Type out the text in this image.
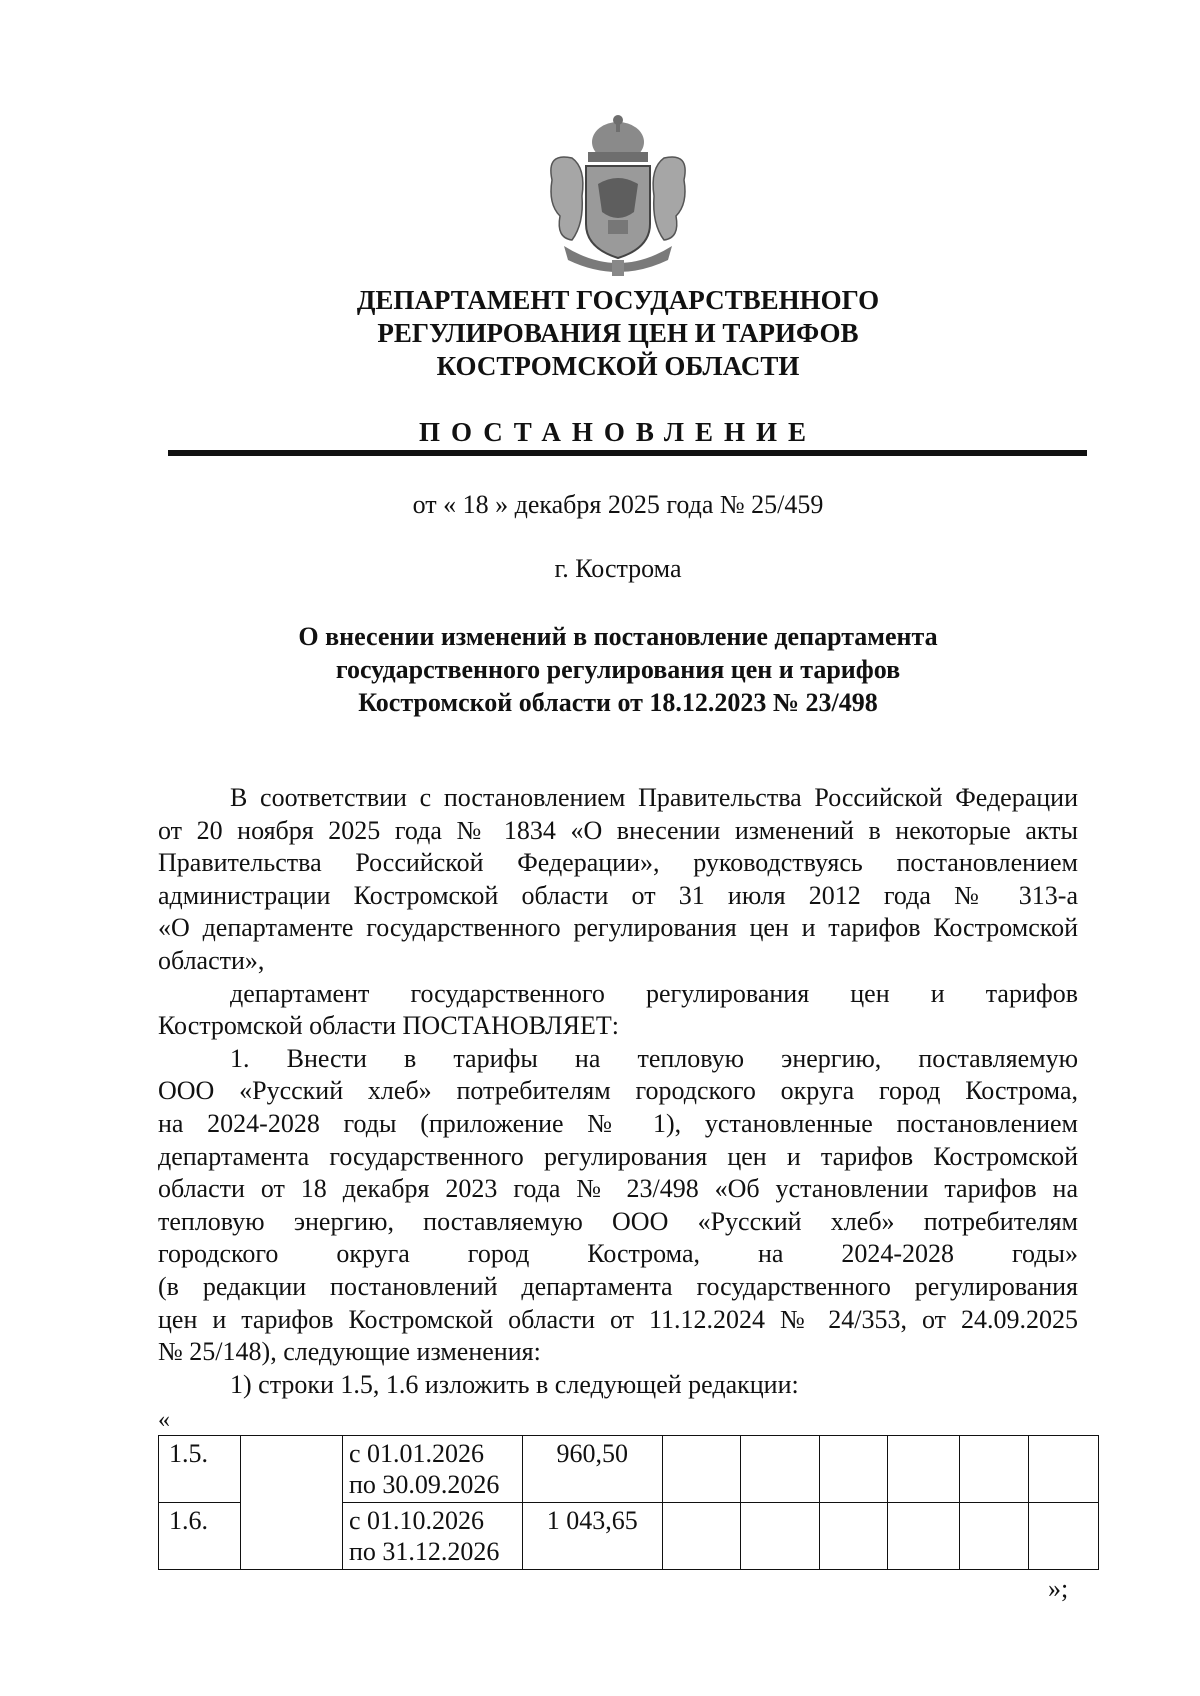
ДЕПАРТАМЕНТ ГОСУДАРСТВЕННОГО
РЕГУЛИРОВАНИЯ ЦЕН И ТАРИФОВ
КОСТРОМСКОЙ ОБЛАСТИ
ПОСТАНОВЛЕНИЕ
от « 18 » декабря 2025 года № 25/459
г. Кострома
О внесении изменений в постановление департамента
государственного регулирования цен и тарифов
Костромской области от 18.12.2023 № 23/498
В соответствии с постановлением Правительства Российской Федерации
от 20 ноября 2025 года № 1834 «О внесении изменений в некоторые акты
Правительства Российской Федерации», руководствуясь постановлением
администрации Костромской области от 31 июля 2012 года № 313-а
«О департаменте государственного регулирования цен и тарифов Костромской
области»,
департамент государственного регулирования цен и тарифов
Костромской области ПОСТАНОВЛЯЕТ:
1. Внести в тарифы на тепловую энергию, поставляемую
ООО «Русский хлеб» потребителям городского округа город Кострома,
на 2024-2028 годы (приложение № 1), установленные постановлением
департамента государственного регулирования цен и тарифов Костромской
области от 18 декабря 2023 года № 23/498 «Об установлении тарифов на
тепловую энергию, поставляемую ООО «Русский хлеб» потребителям
городского округа город Кострома, на 2024-2028 годы»
(в редакции постановлений департамента государственного регулирования
цен и тарифов Костромской области от 11.12.2024 № 24/353, от 24.09.2025
№ 25/148), следующие изменения:
1) строки 1.5, 1.6 изложить в следующей редакции:
«
1.5.		с 01.01.2026
по 30.09.2026	960,50						
1.6.		с 01.10.2026
по 31.12.2026	1 043,65						
»;
